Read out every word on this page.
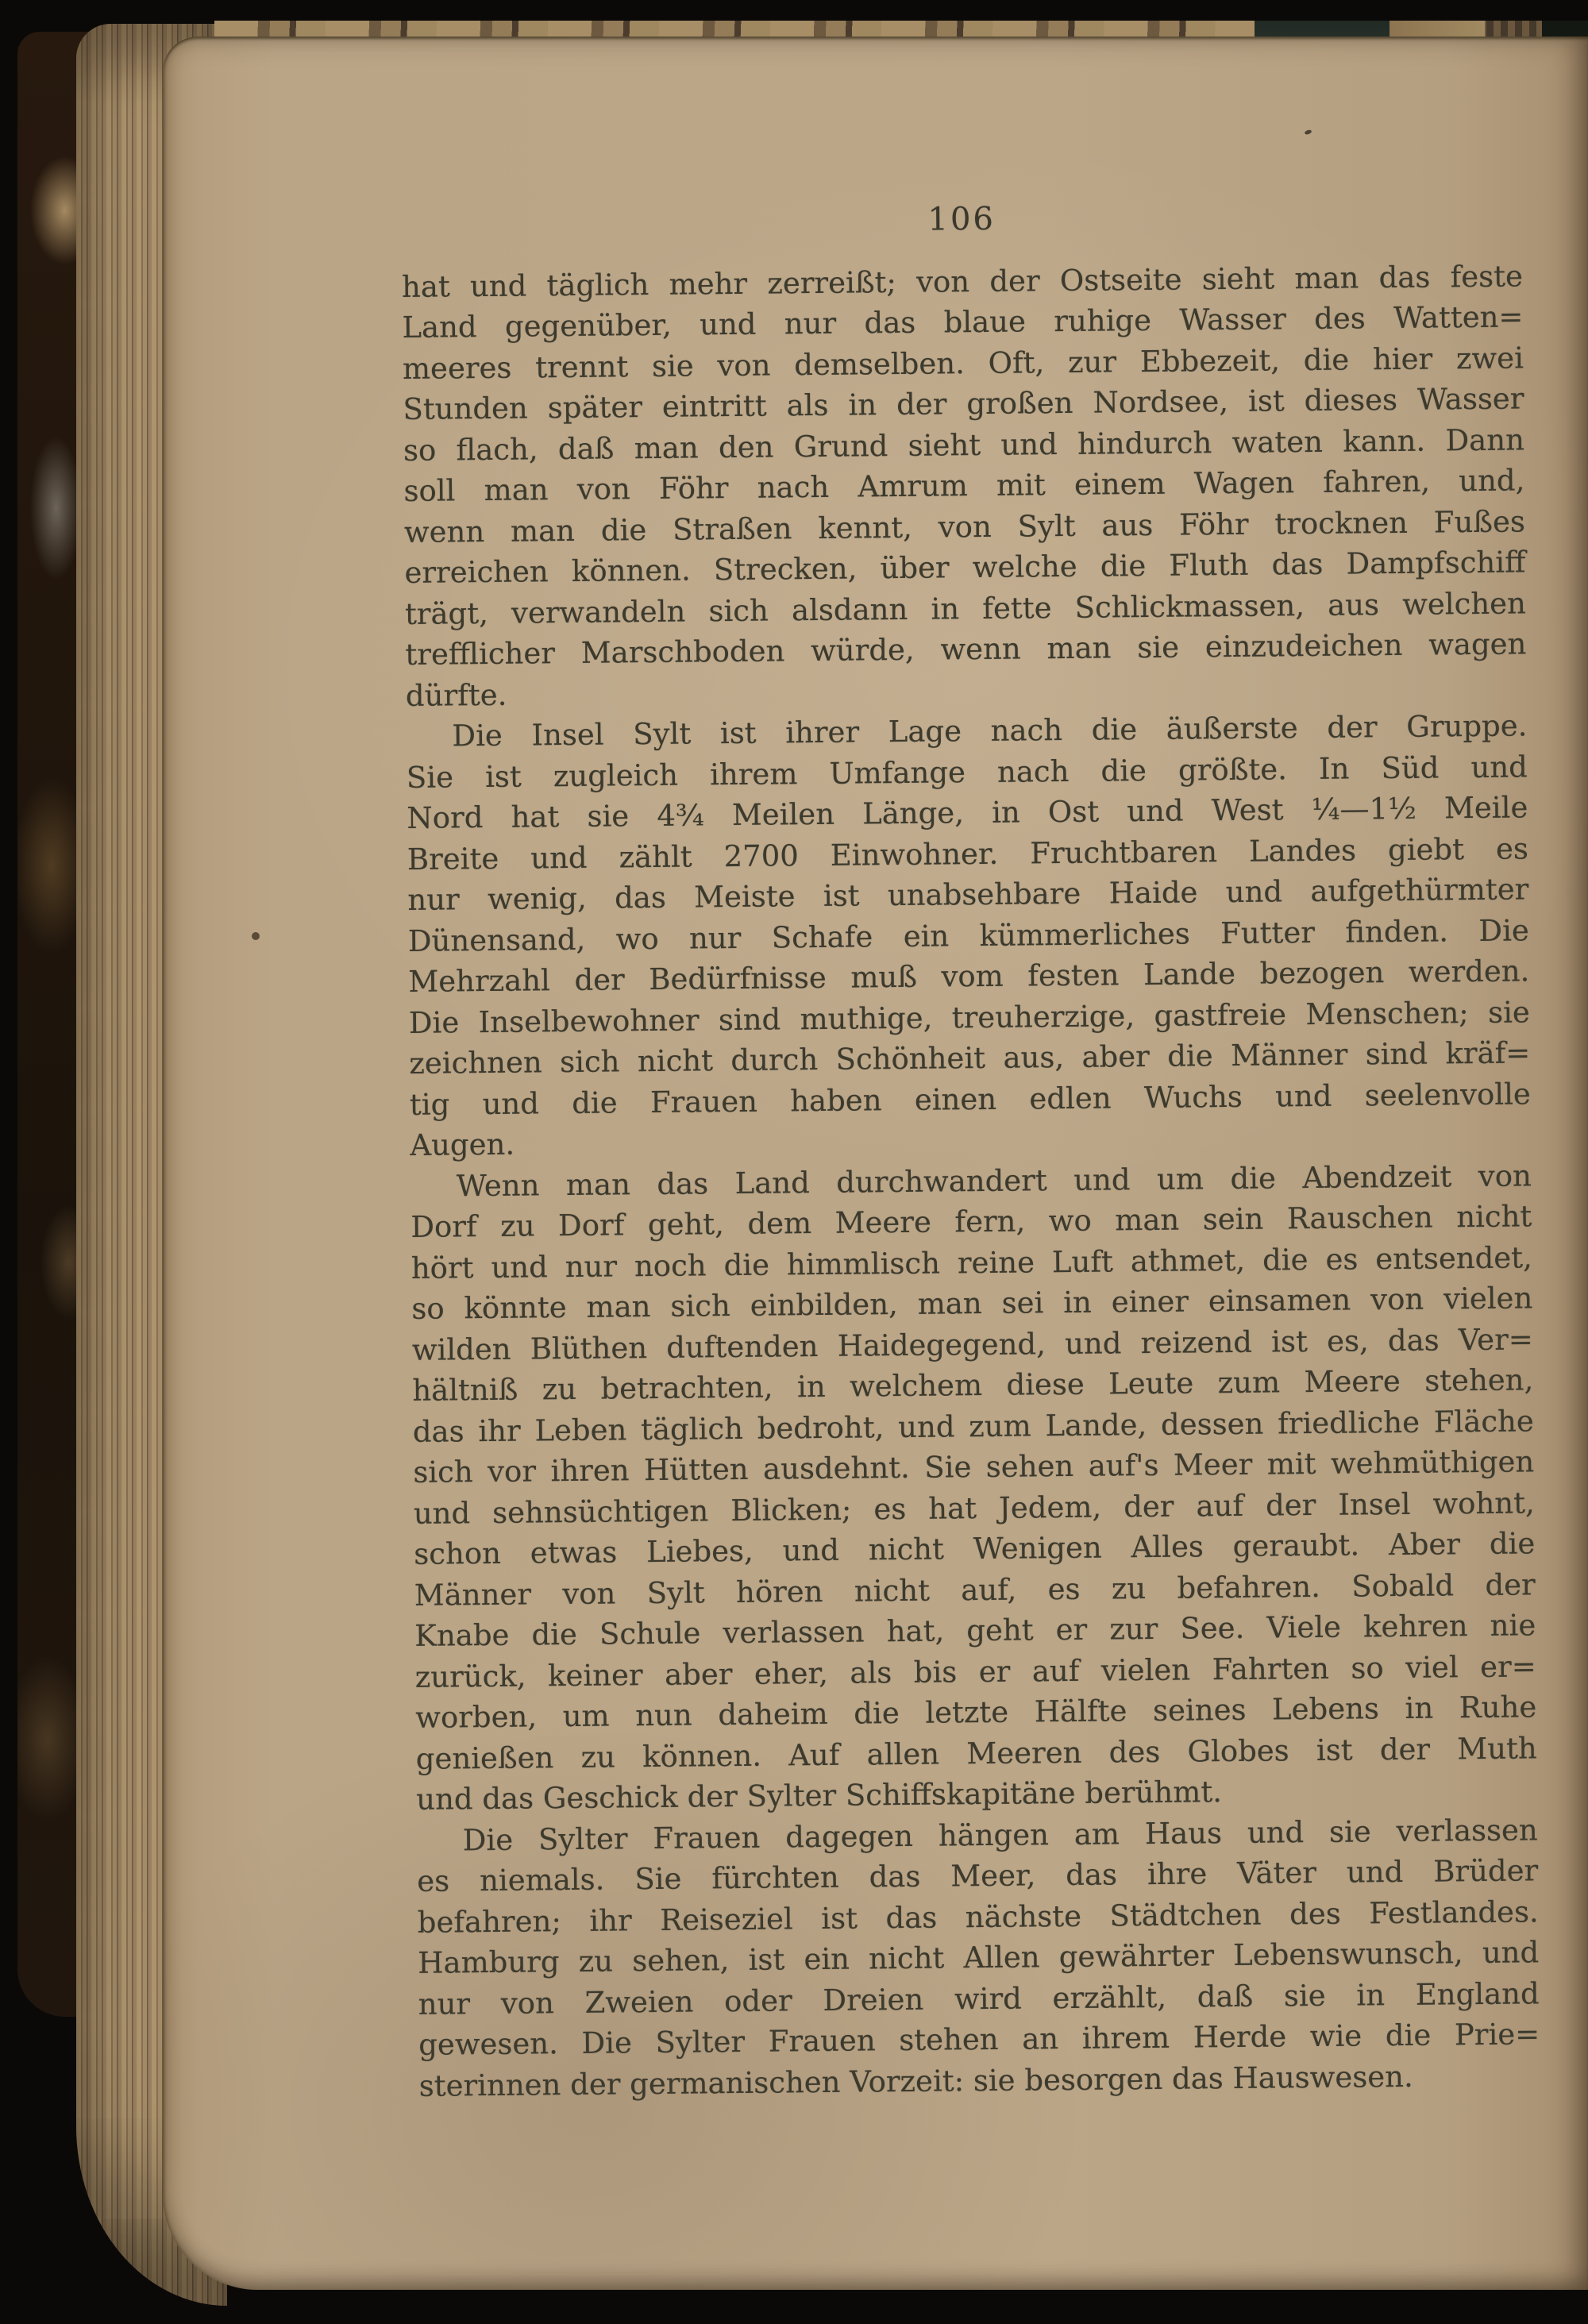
106
hat und täglich mehr zerreißt; von der Ostseite sieht man das feste
Land gegenüber, und nur das blaue ruhige Wasser des Watten=
meeres trennt sie von demselben. Oft, zur Ebbezeit, die hier zwei
Stunden später eintritt als in der großen Nordsee, ist dieses Wasser
so flach, daß man den Grund sieht und hindurch waten kann. Dann
soll man von Föhr nach Amrum mit einem Wagen fahren, und,
wenn man die Straßen kennt, von Sylt aus Föhr trocknen Fußes
erreichen können. Strecken, über welche die Fluth das Dampfschiff
trägt, verwandeln sich alsdann in fette Schlickmassen, aus welchen
trefflicher Marschboden würde, wenn man sie einzudeichen wagen
dürfte.
Die Insel Sylt ist ihrer Lage nach die äußerste der Gruppe.
Sie ist zugleich ihrem Umfange nach die größte. In Süd und
Nord hat sie 4¾ Meilen Länge, in Ost und West ¼—1½ Meile
Breite und zählt 2700 Einwohner. Fruchtbaren Landes giebt es
nur wenig, das Meiste ist unabsehbare Haide und aufgethürmter
Dünensand, wo nur Schafe ein kümmerliches Futter finden. Die
Mehrzahl der Bedürfnisse muß vom festen Lande bezogen werden.
Die Inselbewohner sind muthige, treuherzige, gastfreie Menschen; sie
zeichnen sich nicht durch Schönheit aus, aber die Männer sind kräf=
tig und die Frauen haben einen edlen Wuchs und seelenvolle
Augen.
Wenn man das Land durchwandert und um die Abendzeit von
Dorf zu Dorf geht, dem Meere fern, wo man sein Rauschen nicht
hört und nur noch die himmlisch reine Luft athmet, die es entsendet,
so könnte man sich einbilden, man sei in einer einsamen von vielen
wilden Blüthen duftenden Haidegegend, und reizend ist es, das Ver=
hältniß zu betrachten, in welchem diese Leute zum Meere stehen,
das ihr Leben täglich bedroht, und zum Lande, dessen friedliche Fläche
sich vor ihren Hütten ausdehnt. Sie sehen auf's Meer mit wehmüthigen
und sehnsüchtigen Blicken; es hat Jedem, der auf der Insel wohnt,
schon etwas Liebes, und nicht Wenigen Alles geraubt. Aber die
Männer von Sylt hören nicht auf, es zu befahren. Sobald der
Knabe die Schule verlassen hat, geht er zur See. Viele kehren nie
zurück, keiner aber eher, als bis er auf vielen Fahrten so viel er=
worben, um nun daheim die letzte Hälfte seines Lebens in Ruhe
genießen zu können. Auf allen Meeren des Globes ist der Muth
und das Geschick der Sylter Schiffskapitäne berühmt.
Die Sylter Frauen dagegen hängen am Haus und sie verlassen
es niemals. Sie fürchten das Meer, das ihre Väter und Brüder
befahren; ihr Reiseziel ist das nächste Städtchen des Festlandes.
Hamburg zu sehen, ist ein nicht Allen gewährter Lebenswunsch, und
nur von Zweien oder Dreien wird erzählt, daß sie in England
gewesen. Die Sylter Frauen stehen an ihrem Herde wie die Prie=
sterinnen der germanischen Vorzeit: sie besorgen das Hauswesen.
